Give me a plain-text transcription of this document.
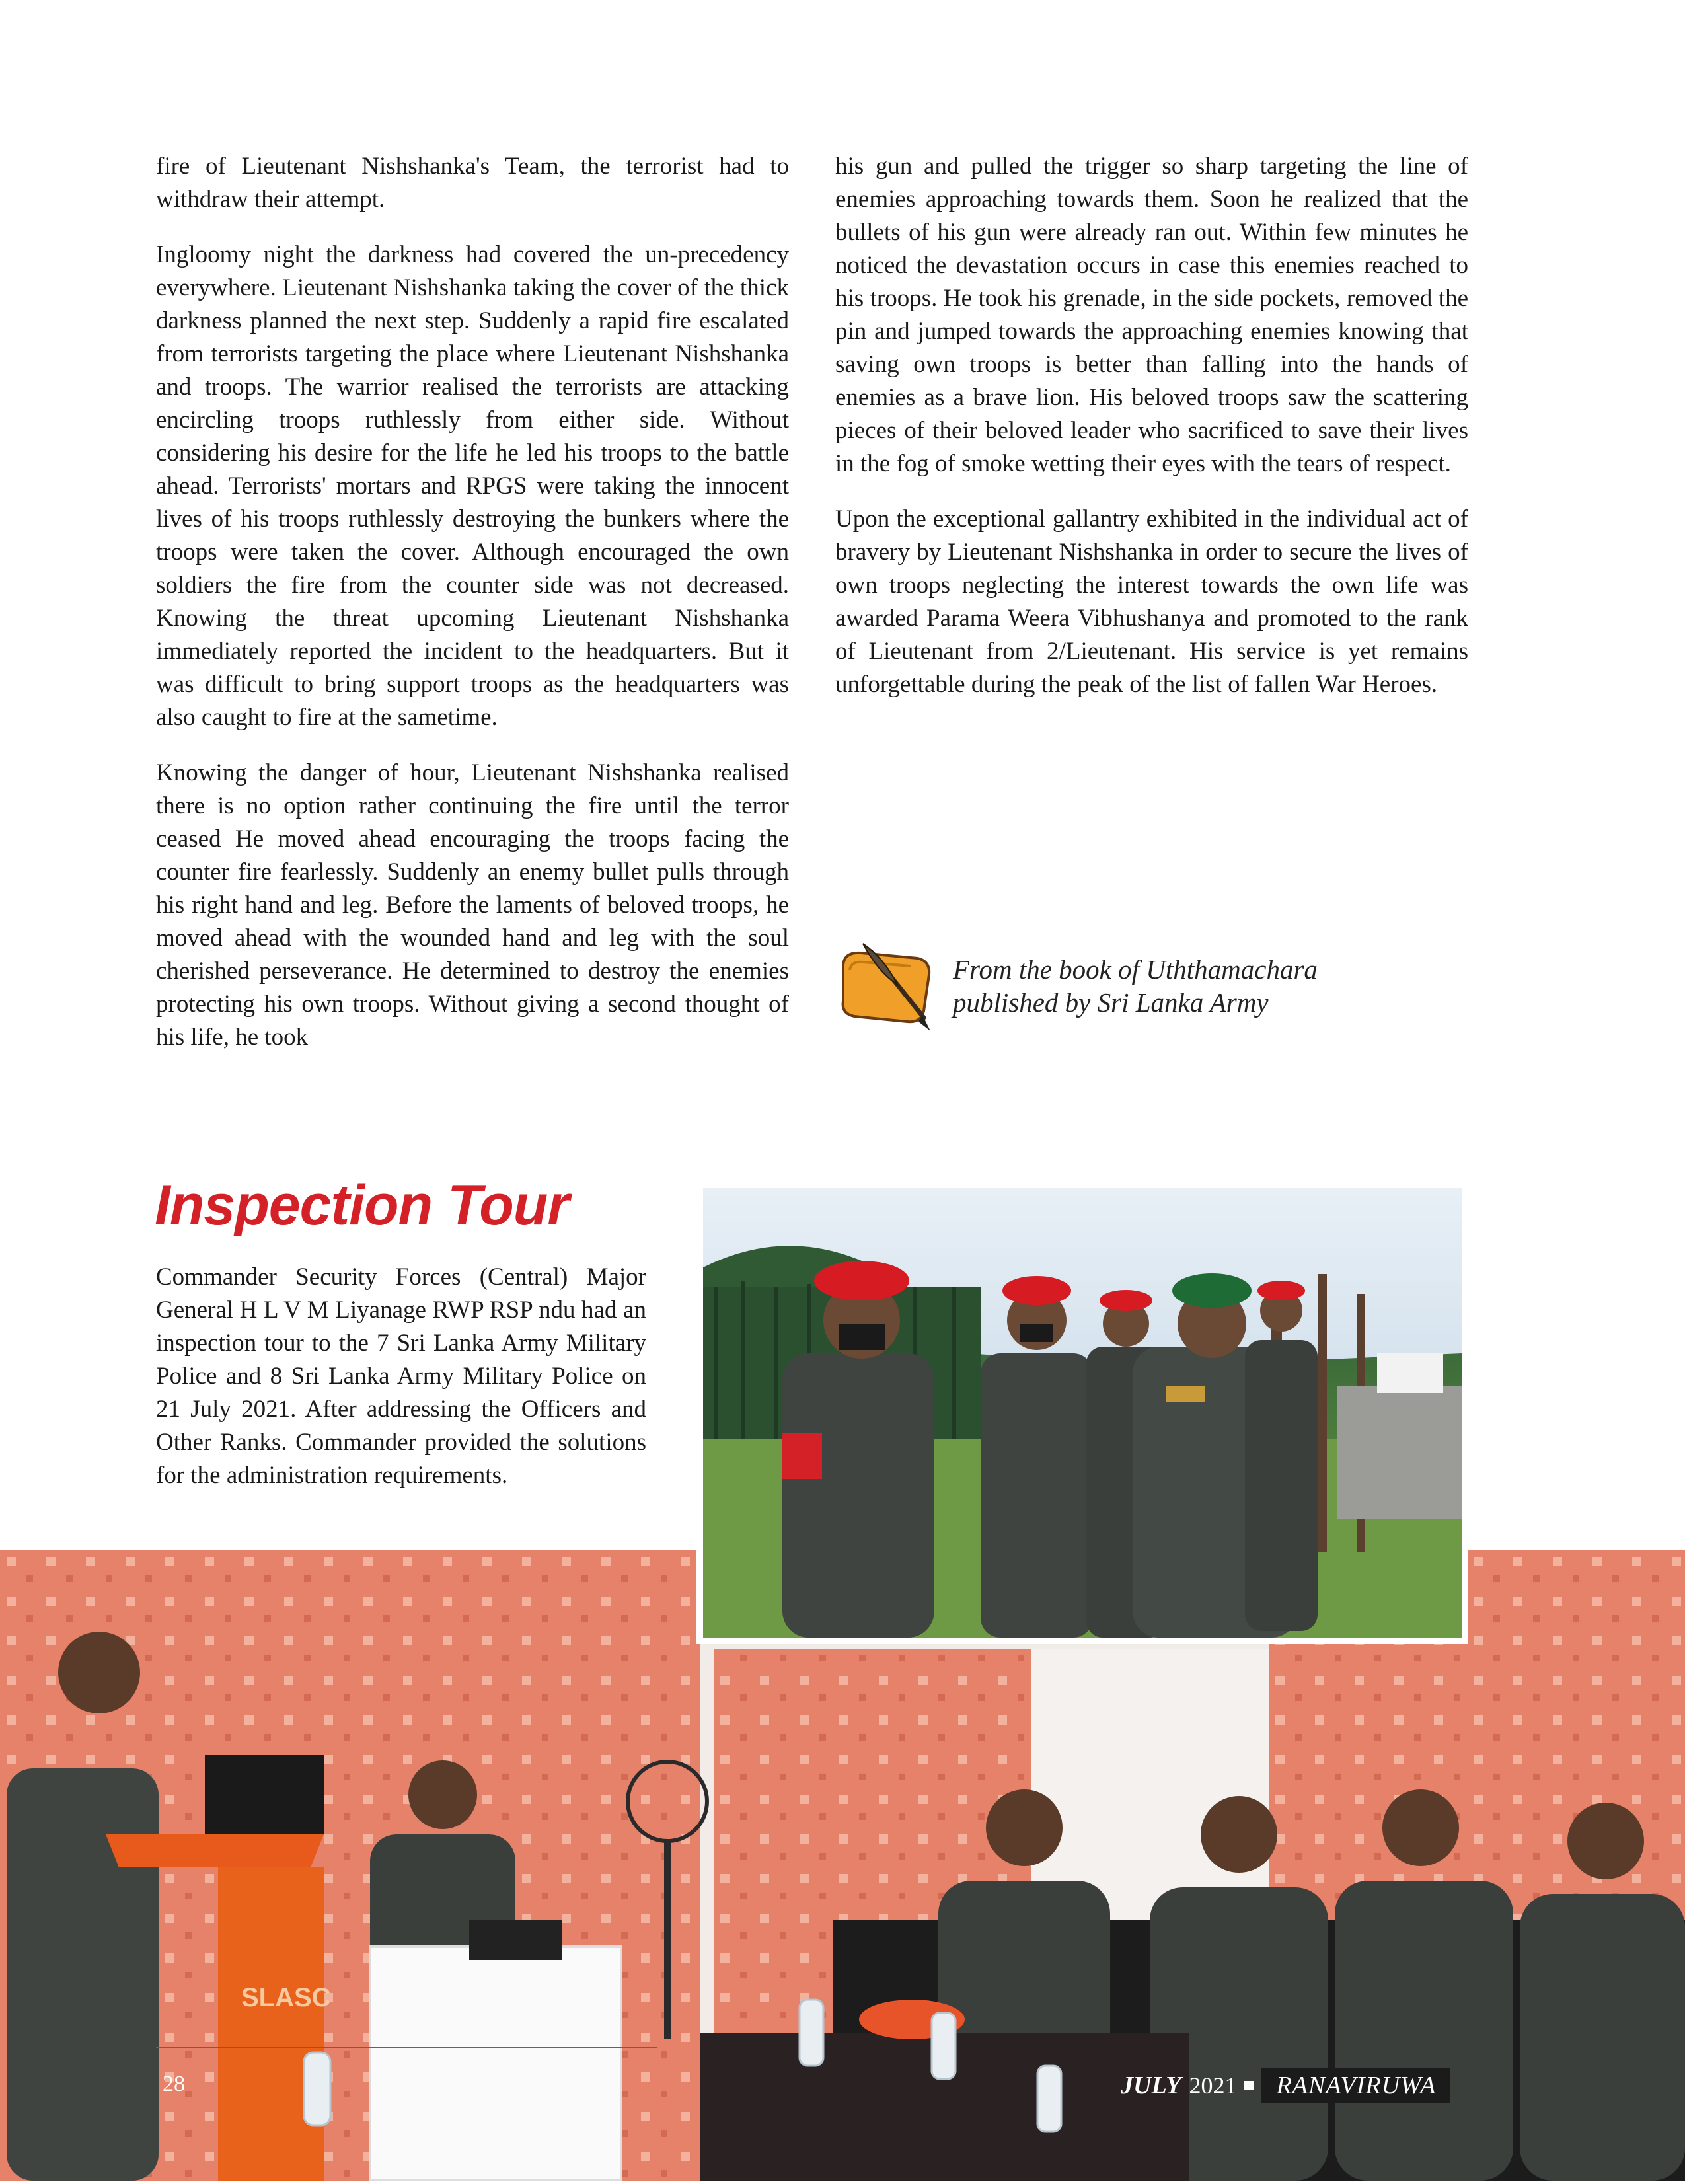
fire of Lieutenant Nishshanka's Team, the terrorist had to withdraw their attempt.

Ingloomy night the darkness had covered the un-precedency everywhere. Lieutenant Nishshanka taking the cover of the thick darkness planned the next step. Suddenly a rapid fire escalated from terrorists targeting the place where Lieutenant Nishshanka and troops. The warrior realised the terrorists are attacking encircling troops ruthlessly from either side. Without considering his desire for the life he led his troops to the battle ahead. Terrorists' mortars and RPGS were taking the innocent lives of his troops ruthlessly destroying the bunkers where the troops were taken the cover. Although encouraged the own soldiers the fire from the counter side was not decreased. Knowing the threat upcoming Lieutenant Nishshanka immediately reported the incident to the headquarters. But it was difficult to bring support troops as the headquarters was also caught to fire at the sametime.

Knowing the danger of hour, Lieutenant Nishshanka realised there is no option rather continuing the fire until the terror ceased He moved ahead encouraging the troops facing the counter fire fearlessly. Suddenly an enemy bullet pulls through his right hand and leg. Before the laments of beloved troops, he moved ahead with the wounded hand and leg with the soul cherished perseverance. He determined to destroy the enemies protecting his own troops. Without giving a second thought of his life, he took

his gun and pulled the trigger so sharp targeting the line of enemies approaching towards them. Soon he realized that the bullets of his gun were already ran out. Within few minutes he noticed the devastation occurs in case this enemies reached to his troops. He took his grenade, in the side pockets, removed the pin and jumped towards the approaching enemies knowing that saving own troops is better than falling into the hands of enemies as a brave lion. His beloved troops saw the scattering pieces of their beloved leader who sacrificed to save their lives in the fog of smoke wetting their eyes with the tears of respect.

Upon the exceptional gallantry exhibited in the individual act of bravery by Lieutenant Nishshanka in order to secure the lives of own troops neglecting the interest towards the own life was awarded Parama Weera Vibhushanya and promoted to the rank of Lieutenant from 2/Lieutenant. His service is yet remains unforgettable during the peak of the list of fallen War Heroes.

From the book of Uththamachara
published by Sri Lanka Army
Inspection Tour

Commander Security Forces (Central) Major General H L V M Liyanage RWP RSP ndu had an inspection tour to the 7 Sri Lanka Army Military Police and 8 Sri Lanka Army Military Police on 21 July 2021. After addressing the Officers and Other Ranks. Commander provided the solutions for the administration requirements.

SLASC
28	JULY 2021	RANAVIRUWA
